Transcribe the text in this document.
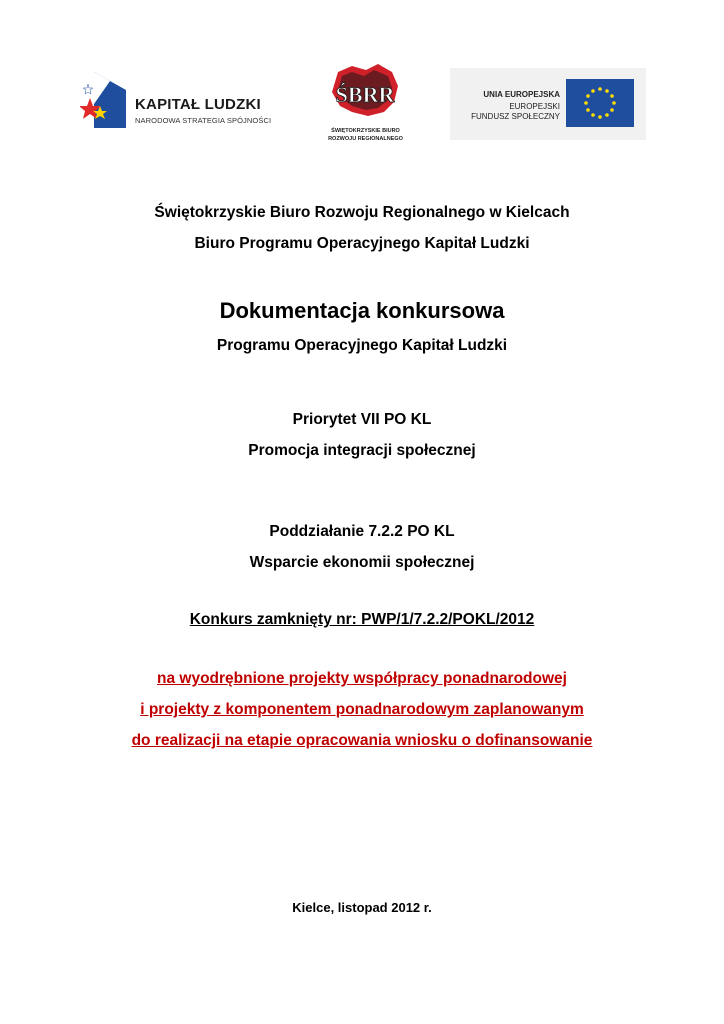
KAPITAŁ LUDZKI
NARODOWA STRATEGIA SPÓJNOŚCI
ŚBRR
ŚWIĘTOKRZYSKIE BIURO
ROZWOJU REGIONALNEGO
UNIA EUROPEJSKA
EUROPEJSKI
FUNDUSZ SPOŁECZNY
Świętokrzyskie Biuro Rozwoju Regionalnego w Kielcach
Biuro Programu Operacyjnego Kapitał Ludzki
Dokumentacja konkursowa
Programu Operacyjnego Kapitał Ludzki
Priorytet VII PO KL
Promocja integracji społecznej
Poddziałanie 7.2.2 PO KL
Wsparcie ekonomii społecznej
Konkurs zamknięty nr: PWP/1/7.2.2/POKL/2012
na wyodrębnione projekty współpracy ponadnarodowej
i projekty z komponentem ponadnarodowym zaplanowanym
do realizacji na etapie opracowania wniosku o dofinansowanie
Kielce, listopad 2012 r.
